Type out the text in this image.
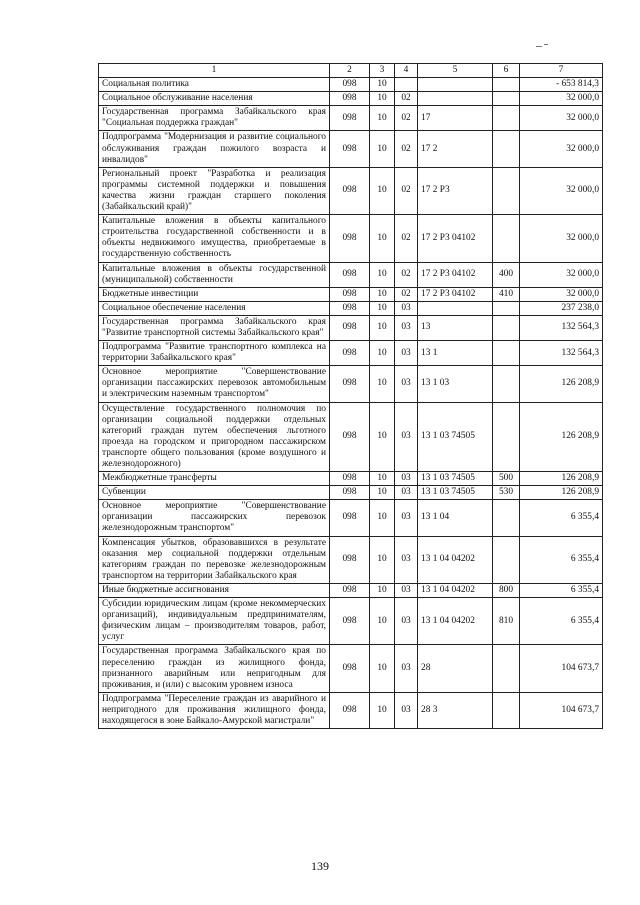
1	2	3	4	5	6	7
Социальная политика	098	10				- 653 814,3
Социальное обслуживание населения	098	10	02			32 000,0
Государственная программа Забайкальского края "Социальная поддержка граждан"	098	10	02	17		32 000,0
Подпрограмма "Модернизация и развитие социального обслуживания граждан пожилого возраста и инвалидов"	098	10	02	17 2		32 000,0
Региональный проект "Разработка и реализация программы системной поддержки и повышения качества жизни граждан старшего поколения (Забайкальский край)"	098	10	02	17 2 P3		32 000,0
Капитальные вложения в объекты капитального строительства государственной собственности и в объекты недвижимого имущества, приобретаемые в государственную собственность	098	10	02	17 2 P3 04102		32 000,0
Капитальные вложения в объекты государственной (муниципальной) собственности	098	10	02	17 2 P3 04102	400	32 000,0
Бюджетные инвестиции	098	10	02	17 2 P3 04102	410	32 000,0
Социальное обеспечение населения	098	10	03			237 238,0
Государственная программа Забайкальского края "Развитие транспортной системы Забайкальского края"	098	10	03	13		132 564,3
Подпрограмма "Развитие транспортного комплекса на территории Забайкальского края"	098	10	03	13 1		132 564,3
Основное мероприятие "Совершенствование организации пассажирских перевозок автомобильным и электрическим наземным транспортом"	098	10	03	13 1 03		126 208,9
Осуществление государственного полномочия по организации социальной поддержки отдельных категорий граждан путем обеспечения льготного проезда на городском и пригородном пассажирском транспорте общего пользования (кроме воздушного и железнодорожного)	098	10	03	13 1 03 74505		126 208,9
Межбюджетные трансферты	098	10	03	13 1 03 74505	500	126 208,9
Субвенции	098	10	03	13 1 03 74505	530	126 208,9
Основное мероприятие "Совершенствование организации пассажирских перевозок железнодорожным транспортом"	098	10	03	13 1 04		6 355,4
Компенсация убытков, образовавшихся в результате оказания мер социальной поддержки отдельным категориям граждан по перевозке железнодорожным транспортом на территории Забайкальского края	098	10	03	13 1 04 04202		6 355,4
Иные бюджетные ассигнования	098	10	03	13 1 04 04202	800	6 355,4
Субсидии юридическим лицам (кроме некоммерческих организаций), индивидуальным предпринимателям, физическим лицам – производителям товаров, работ, услуг	098	10	03	13 1 04 04202	810	6 355,4
Государственная программа Забайкальского края по переселению граждан из жилищного фонда, признанного аварийным или непригодным для проживания, и (или) с высоким уровнем износа	098	10	03	28		104 673,7
Подпрограмма "Переселение граждан из аварийного и непригодного для проживания жилищного фонда, находящегося в зоне Байкало-Амурской магистрали"	098	10	03	28 3		104 673,7
139
